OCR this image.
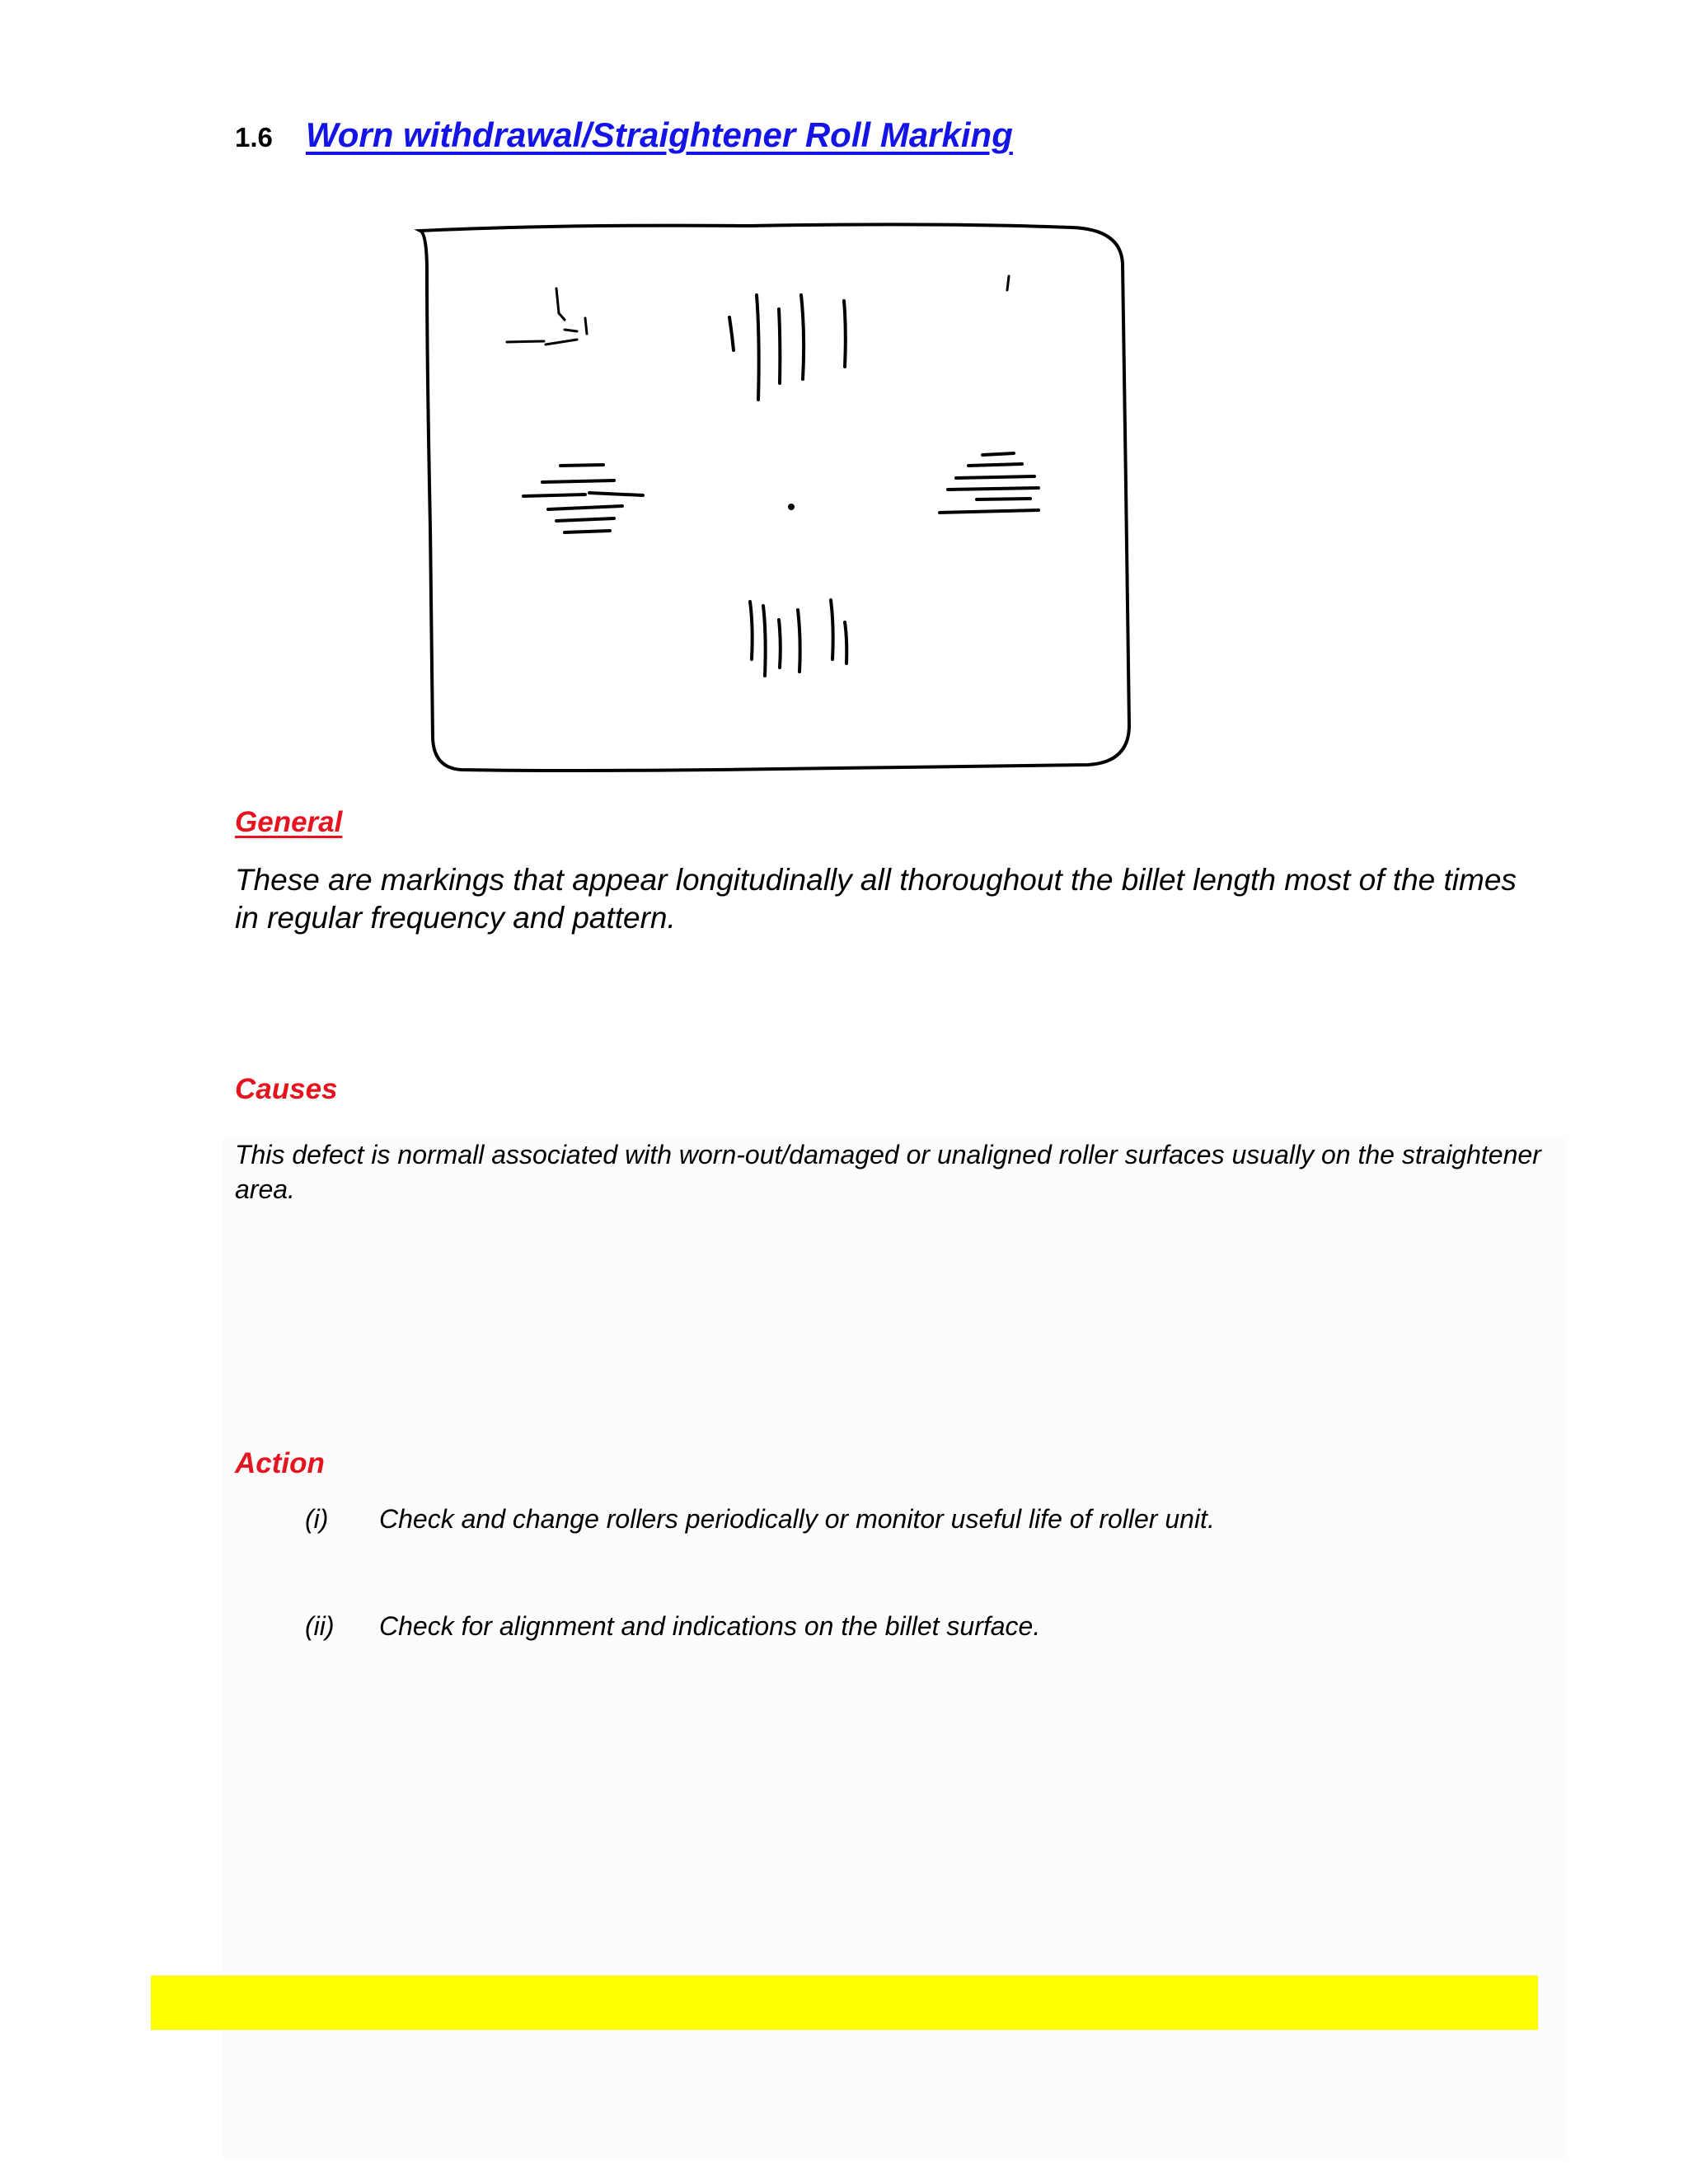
1.6 Worn withdrawal/Straightener Roll Marking
General
These are markings that appear longitudinally all thoroughout the billet length most of the times in regular frequency and pattern.
Causes
This defect is normall associated with worn-out/damaged or unaligned roller surfaces usually on the straightener area.
Action
(i)	Check and change rollers periodically or monitor useful life of roller unit.
(ii)	Check for alignment and indications on the billet surface.
